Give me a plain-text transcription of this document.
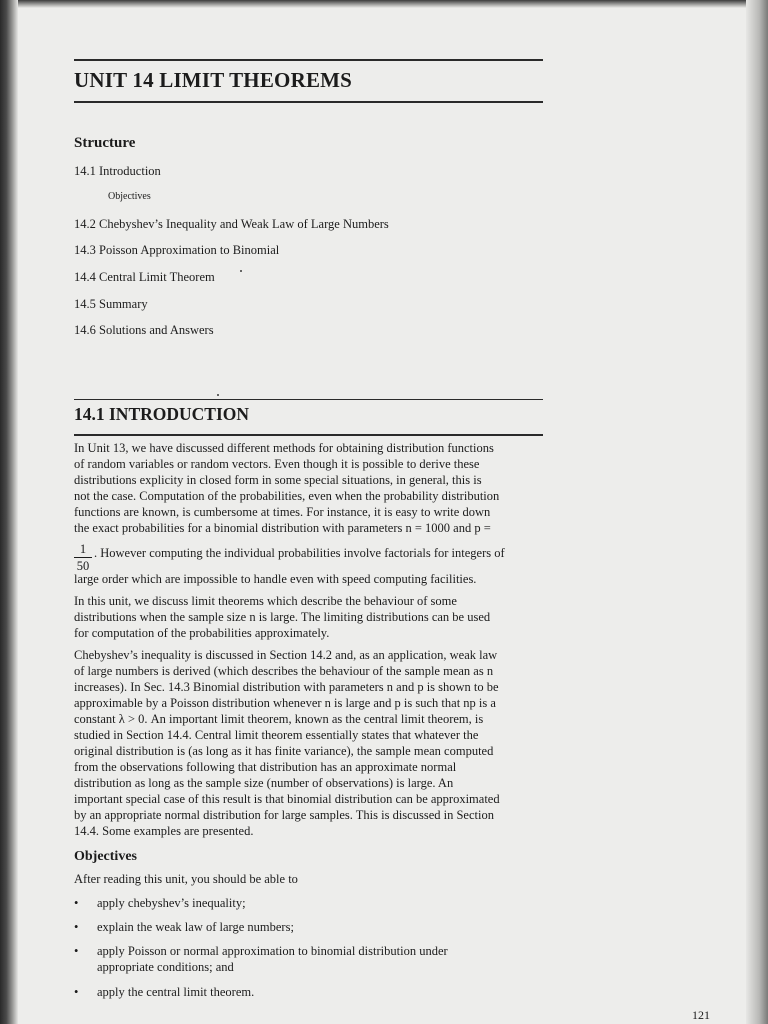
UNIT 14 LIMIT THEOREMS
Structure
14.1 Introduction
Objectives
14.2 Chebyshev’s Inequality and Weak Law of Large Numbers
14.3 Poisson Approximation to Binomial
14.4 Central Limit Theorem
14.5 Summary
14.6 Solutions and Answers
14.1 INTRODUCTION
In Unit 13, we have discussed different methods for obtaining distribution functions
of random variables or random vectors. Even though it is possible to derive these
distributions explicity in closed form in some special situations, in general, this is
not the case. Computation of the probabilities, even when the probability distribution
functions are known, is cumbersome at times. For instance, it is easy to write down
the exact probabilities for a binomial distribution with parameters n = 1000 and p =
1
50
. However computing the individual probabilities involve factorials for integers of
large order which are impossible to handle even with speed computing facilities.
In this unit, we discuss limit theorems which describe the behaviour of some
distributions when the sample size n is large. The limiting distributions can be used
for computation of the probabilities approximately.
Chebyshev’s inequality is discussed in Section 14.2 and, as an application, weak law
of large numbers is derived (which describes the behaviour of the sample mean as n
increases). In Sec. 14.3 Binomial distribution with parameters n and p is shown to be
approximable by a Poisson distribution whenever n is large and p is such that np is a
constant λ > 0. An important limit theorem, known as the central limit theorem, is
studied in Section 14.4. Central limit theorem essentially states that whatever the
original distribution is (as long as it has finite variance), the sample mean computed
from the observations following that distribution has an approximate normal
distribution as long as the sample size (number of observations) is large. An
important special case of this result is that binomial distribution can be approximated
by an appropriate normal distribution for large samples. This is discussed in Section
14.4. Some examples are presented.
Objectives
After reading this unit, you should be able to
• apply chebyshev’s inequality;
• explain the weak law of large numbers;
• apply Poisson or normal approximation to binomial distribution under
appropriate conditions; and
• apply the central limit theorem.
121
